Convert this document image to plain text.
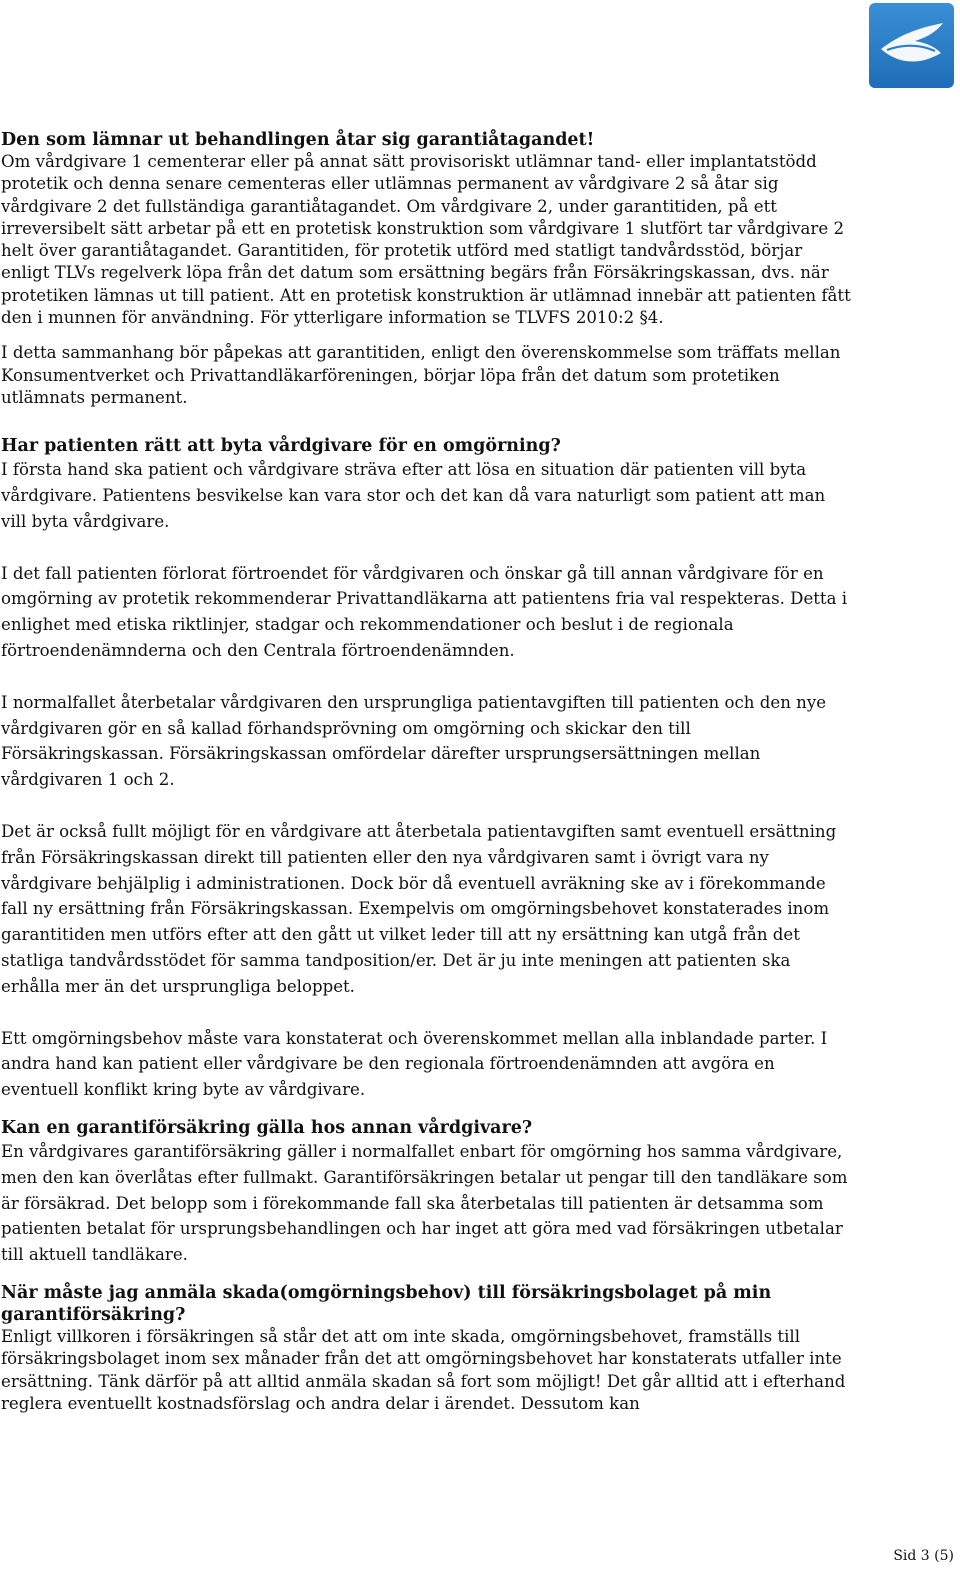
Den som lämnar ut behandlingen åtar sig garantiåtagandet!

Om vårdgivare 1 cementerar eller på annat sätt provisoriskt utlämnar tand- eller implantatstödd protetik och denna senare cementeras eller utlämnas permanent av vårdgivare 2 så åtar sig vårdgivare 2 det fullständiga garantiåtagandet. Om vårdgivare 2, under garantitiden, på ett irreversibelt sätt arbetar på ett en protetisk konstruktion som vårdgivare 1 slutfört tar vårdgivare 2 helt över garantiåtagandet. Garantitiden, för protetik utförd med statligt tandvårdsstöd, börjar enligt TLVs regelverk löpa från det datum som ersättning begärs från Försäkringskassan, dvs. när protetiken lämnas ut till patient. Att en protetisk konstruktion är utlämnad innebär att patienten fått den i munnen för användning. För ytterligare information se TLVFS 2010:2 §4.

I detta sammanhang bör påpekas att garantitiden, enligt den överenskommelse som träffats mellan Konsumentverket och Privattandläkarföreningen, börjar löpa från det datum som protetiken utlämnats permanent.

Har patienten rätt att byta vårdgivare för en omgörning?

I första hand ska patient och vårdgivare sträva efter att lösa en situation där patienten vill byta vårdgivare. Patientens besvikelse kan vara stor och det kan då vara naturligt som patient att man vill byta vårdgivare.

I det fall patienten förlorat förtroendet för vårdgivaren och önskar gå till annan vårdgivare för en omgörning av protetik rekommenderar Privattandläkarna att patientens fria val respekteras. Detta i enlighet med etiska riktlinjer, stadgar och rekommendationer och beslut i de regionala förtroendenämnderna och den Centrala förtroendenämnden.

I normalfallet återbetalar vårdgivaren den ursprungliga patientavgiften till patienten och den nye vårdgivaren gör en så kallad förhandsprövning om omgörning och skickar den till Försäkringskassan. Försäkringskassan omfördelar därefter ursprungsersättningen mellan vårdgivaren 1 och 2.

Det är också fullt möjligt för en vårdgivare att återbetala patientavgiften samt eventuell ersättning från Försäkringskassan direkt till patienten eller den nya vårdgivaren samt i övrigt vara ny vårdgivare behjälplig i administrationen. Dock bör då eventuell avräkning ske av i förekommande fall ny ersättning från Försäkringskassan. Exempelvis om omgörningsbehovet konstaterades inom garantitiden men utförs efter att den gått ut vilket leder till att ny ersättning kan utgå från det statliga tandvårdsstödet för samma tandposition/er. Det är ju inte meningen att patienten ska erhålla mer än det ursprungliga beloppet.

Ett omgörningsbehov måste vara konstaterat och överenskommet mellan alla inblandade parter. I andra hand kan patient eller vårdgivare be den regionala förtroendenämnden att avgöra en eventuell konflikt kring byte av vårdgivare.

Kan en garantiförsäkring gälla hos annan vårdgivare?

En vårdgivares garantiförsäkring gäller i normalfallet enbart för omgörning hos samma vårdgivare, men den kan överlåtas efter fullmakt. Garantiförsäkringen betalar ut pengar till den tandläkare som är försäkrad. Det belopp som i förekommande fall ska återbetalas till patienten är detsamma som patienten betalat för ursprungsbehandlingen och har inget att göra med vad försäkringen utbetalar till aktuell tandläkare.

När måste jag anmäla skada(omgörningsbehov) till försäkringsbolaget på min garantiförsäkring?

Enligt villkoren i försäkringen så står det att om inte skada, omgörningsbehovet, framställs till försäkringsbolaget inom sex månader från det att omgörningsbehovet har konstaterats utfaller inte ersättning. Tänk därför på att alltid anmäla skadan så fort som möjligt! Det går alltid att i efterhand reglera eventuellt kostnadsförslag och andra delar i ärendet. Dessutom kan

Sid 3 (5)
